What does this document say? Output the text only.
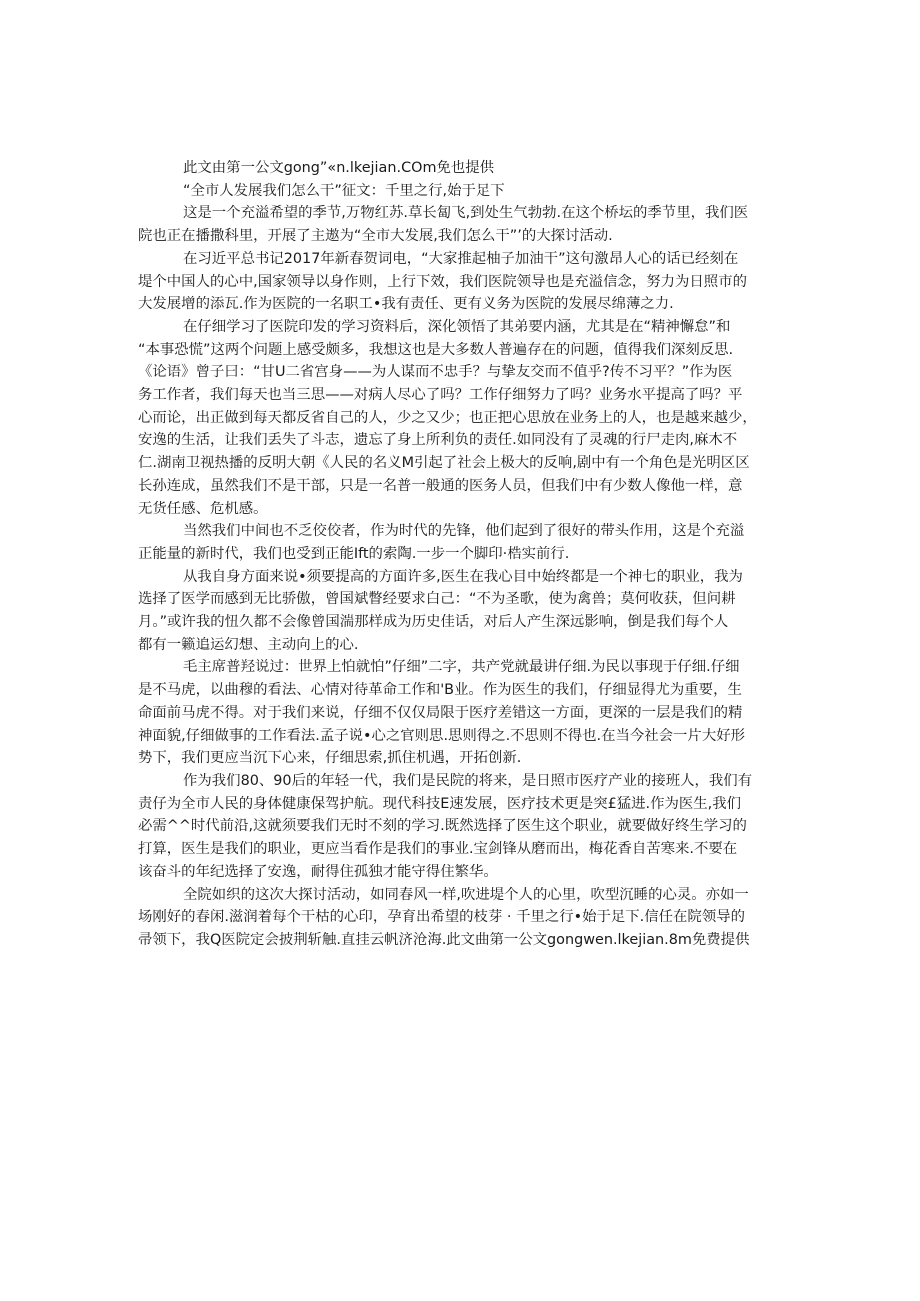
此文由第一公文gong”«n.lkejian.COm免也提供
“全市人发展我们怎么干”征文：千里之行,始于足下
这是一个充溢希望的季节,万物红苏.草长匐飞,到处生气勃勃.在这个桥坛的季节里，我们医
院也正在播撒科里，开展了主遨为“全市大发展,我们怎么干”’的大探讨活动.
在习近平总书记2017年新春贺词电，“大家推起柚子加油干”这句激昂人心的话已经刻在
堤个中国人的心中,国家领导以身作则，上行下效，我们医院领导也是充溢信念，努力为日照市的
大发展增的添瓦.作为医院的一名职工•我有责任、更有义务为医院的发展尽绵薄之力.
在仔细学习了医院印发的学习资料后，深化领悟了其弟要内涵，尤其是在“精神懈怠”和
“本事恐慌”这两个问题上感受颇多，我想这也是大多数人普遍存在的问题，值得我们深刻反思.
《论语》曾子曰：“甘U二省宫身——为人谋而不忠手？与挚友交而不值乎?传不习平？”作为医
务工作者，我们每天也当三思——对病人尽心了吗？工作仔细努力了吗？业务水平提高了吗？平
心而论，出正做到每天都反省自己的人，少之又少；也正把心思放在业务上的人，也是越来越少，
安逸的生活，让我们丢失了斗志，遗忘了身上所利负的责任.如同没有了灵魂的行尸走肉,麻木不
仁.湖南卫视热播的反明大朝《人民的名义M引起了社会上极大的反响,剧中有一个角色是光明区区
长孙连成，虽然我们不是干部，只是一名普一般通的医务人员，但我们中有少数人像他一样，意
无货任感、危机感。
当然我们中间也不乏佼佼者，作为时代的先锋，他们起到了很好的带头作用，这是个充溢
正能量的新时代，我们也受到正能Ift的索陶.一步一个脚印·梏实前行.
从我自身方面来说•须要提高的方面许多,医生在我心目中始终都是一个神七的职业，我为
选择了医学而感到无比骄傲，曾国斌瞥经要求白己：“不为圣歌，使为禽兽；莫何收获，但问耕
月。”或许我的忸久都不会像曾国湍那样成为历史佳话，对后人产生深远影响，倒是我们每个人
都有一籁追运幻想、主动向上的心.
毛主席普羟说过：世界上怕就怕”仔细”二字，共产党就最讲仔细.为民以事现于仔细.仔细
是不马虎，以曲穆的看法、心情对待革命工作和'B业。作为医生的我们，仔细显得尤为重要，生
命面前马虎不得。对于我们来说，仔细不仅仅局限于医疗差错这一方面，更深的一层是我们的精
神面貌,仔细做事的工作看法.孟子说•心之官则思.思则得之.不思则不得也.在当今社会一片大好形
势下，我们更应当沉下心来，仔细思索,抓住机遇，开拓创新.
作为我们80、90后的年轻一代，我们是民院的将来，是日照市医疗产业的接班人，我们有
责仔为全市人民的身体健康保驾护航。现代科技E速发展，医疗技术更是突£猛进.作为医生,我们
必需^^时代前沿,这就须要我们无时不刻的学习.既然选择了医生这个职业，就要做好终生学习的
打算，医生是我们的职业，更应当看作是我们的事业.宝剑锋从磨而出，梅花香自苦寒来.不要在
该奋斗的年纪选择了安逸，耐得住孤独才能守得住繁华。
全院如织的这次大探讨活动，如同春风一样,吹进堤个人的心里，吹型沉睡的心灵。亦如一
场刚好的春闲.滋润着每个干枯的心印，孕育出希望的枝芽 · 千里之行•始于足下.信任在院领导的
帚领下，我Q医院定会披荆斩触.直挂云帆济沧海.此文曲第一公文gongwen.lkejian.8m免费提供
